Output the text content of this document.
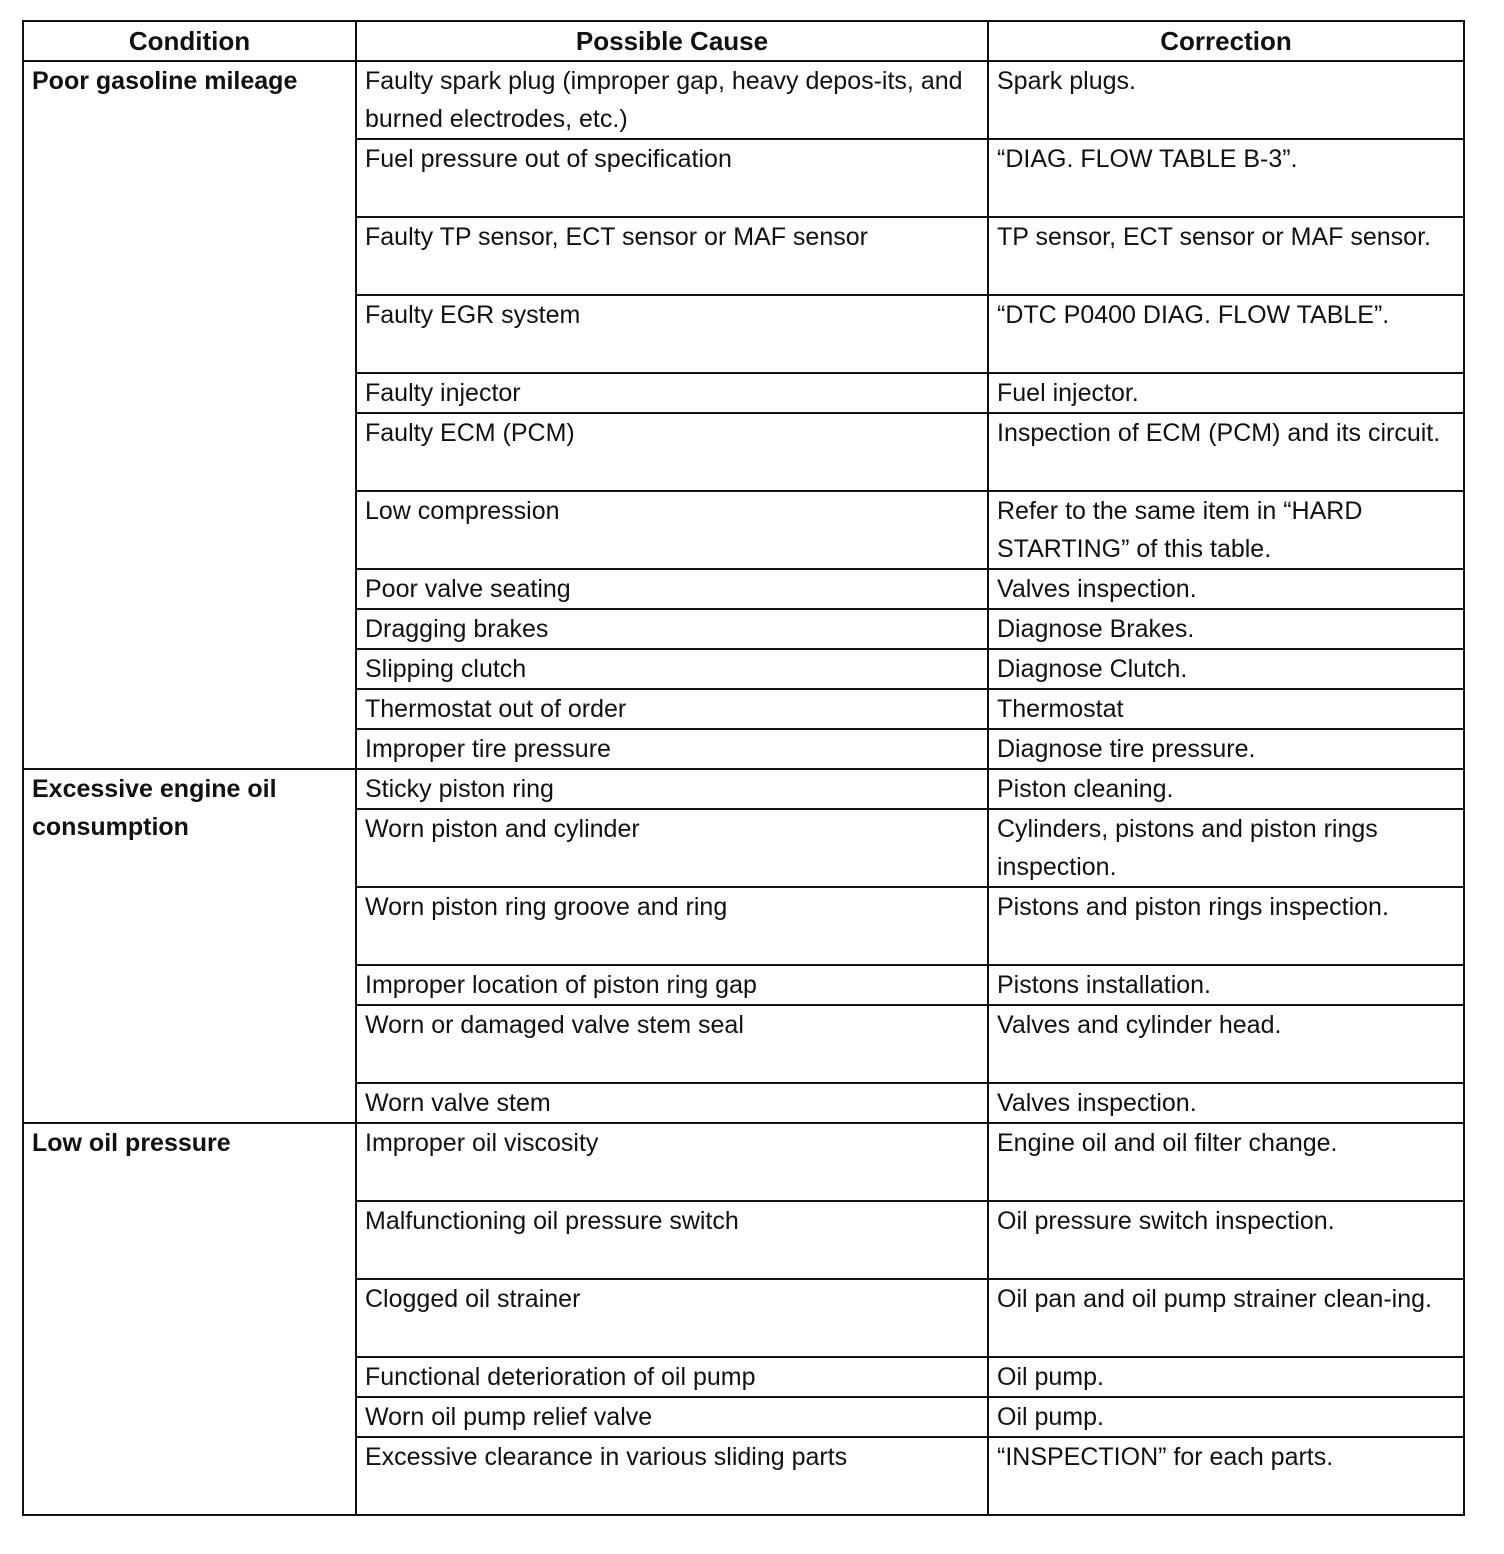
Condition	Possible Cause	Correction
Poor gasoline mileage	Faulty spark plug (improper gap, heavy depos-its, and burned electrodes, etc.)	Spark plugs.
	Fuel pressure out of specification	“DIAG. FLOW TABLE B-3”.
	Faulty TP sensor, ECT sensor or MAF sensor	TP sensor, ECT sensor or MAF sensor.
	Faulty EGR system	“DTC P0400 DIAG. FLOW TABLE”.
	Faulty injector	Fuel injector.
	Faulty ECM (PCM)	Inspection of ECM (PCM) and its circuit.
	Low compression	Refer to the same item in “HARD STARTING” of this table.
	Poor valve seating	Valves inspection.
	Dragging brakes	Diagnose Brakes.
	Slipping clutch	Diagnose Clutch.
	Thermostat out of order	Thermostat
	Improper tire pressure	Diagnose tire pressure.
Excessive engine oil consumption	Sticky piston ring	Piston cleaning.
	Worn piston and cylinder	Cylinders, pistons and piston rings inspection.
	Worn piston ring groove and ring	Pistons and piston rings inspection.
	Improper location of piston ring gap	Pistons installation.
	Worn or damaged valve stem seal	Valves and cylinder head.
	Worn valve stem	Valves inspection.
Low oil pressure	Improper oil viscosity	Engine oil and oil filter change.
	Malfunctioning oil pressure switch	Oil pressure switch inspection.
	Clogged oil strainer	Oil pan and oil pump strainer clean-ing.
	Functional deterioration of oil pump	Oil pump.
	Worn oil pump relief valve	Oil pump.
	Excessive clearance in various sliding parts	“INSPECTION” for each parts.
